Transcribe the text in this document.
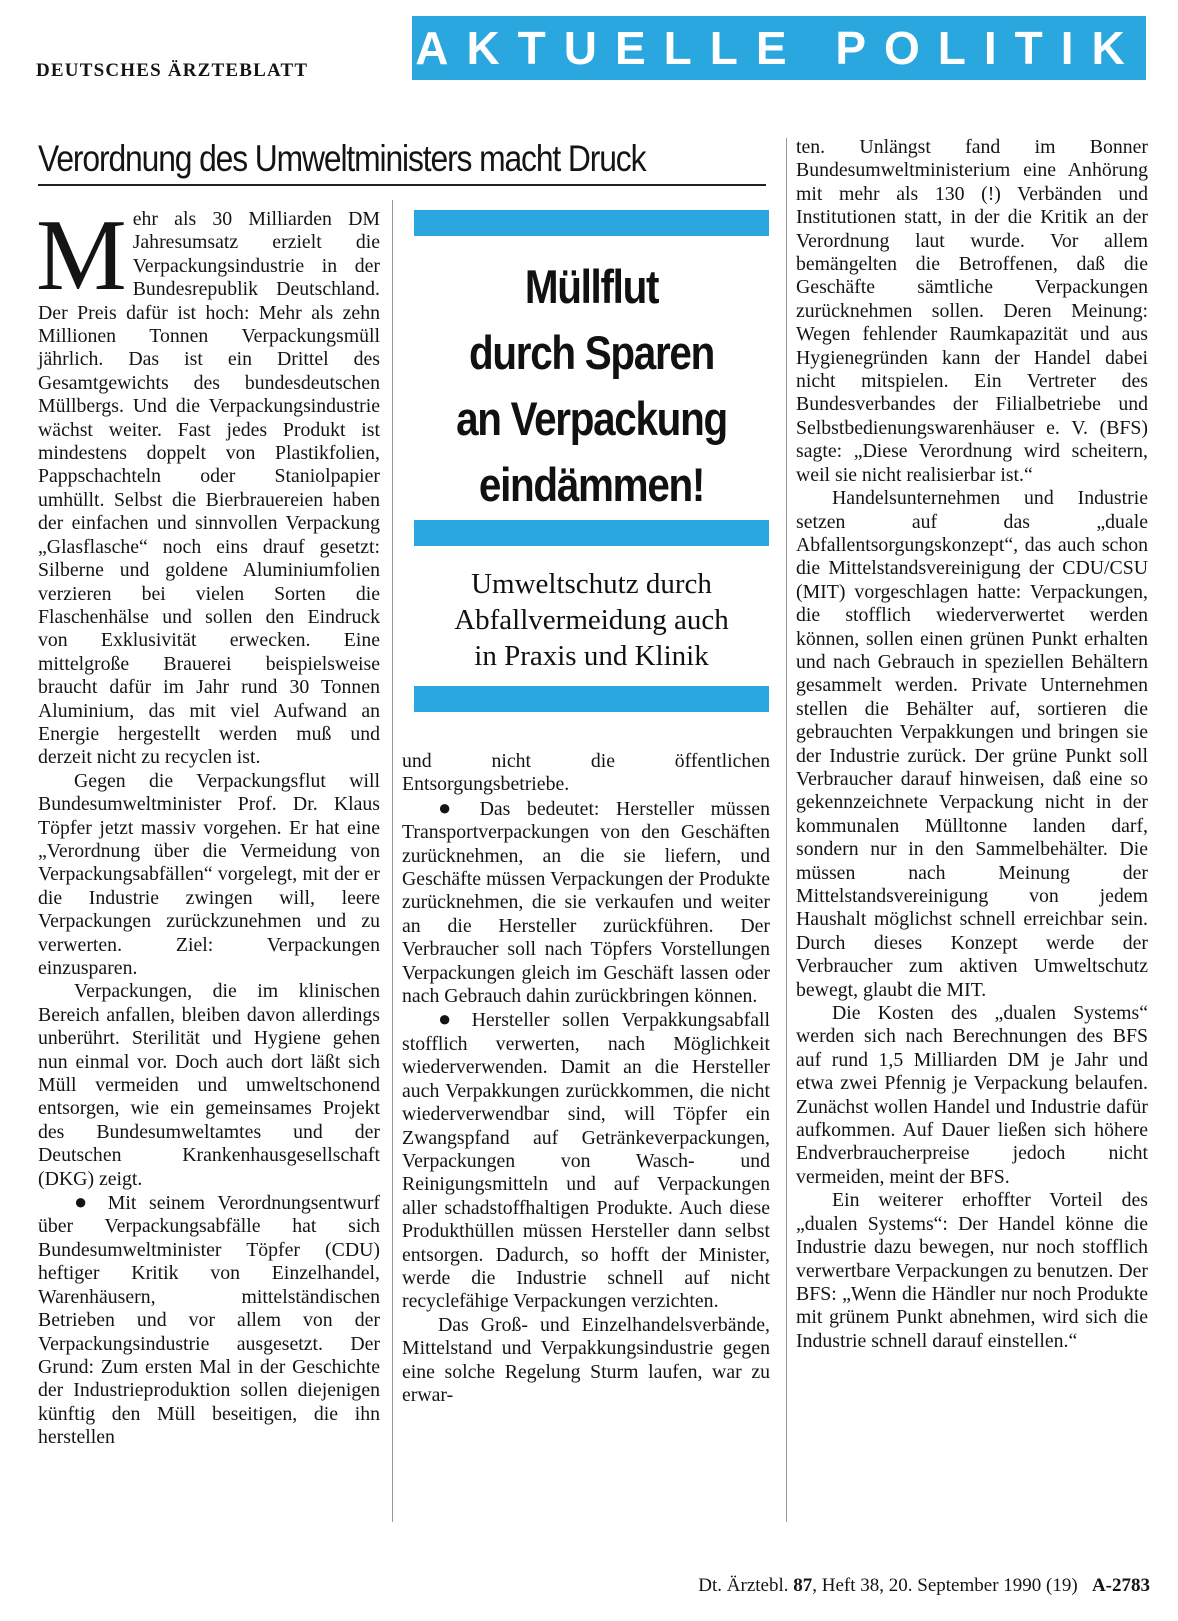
DEUTSCHES ÄRZTEBLATT AKTUELLE POLITIK
Verordnung des Umweltministers macht Druck

Mehr als 30 Milliarden DM Jahresumsatz erzielt die Verpackungsindustrie in der Bundesrepublik Deutschland. Der Preis dafür ist hoch: Mehr als zehn Millionen Tonnen Verpackungsmüll jährlich. Das ist ein Drittel des Gesamtgewichts des bundesdeutschen Müllbergs. Und die Verpackungsindustrie wächst weiter. Fast jedes Produkt ist mindestens doppelt von Plastikfolien, Pappschachteln oder Staniolpapier umhüllt. Selbst die Bierbrauereien haben der einfachen und sinnvollen Verpackung „Glasflasche“ noch eins drauf gesetzt: Silberne und goldene Aluminiumfolien verzieren bei vielen Sorten die Flaschenhälse und sollen den Eindruck von Exklusivität erwecken. Eine mittelgroße Brauerei beispielsweise braucht dafür im Jahr rund 30 Tonnen Aluminium, das mit viel Aufwand an Energie hergestellt werden muß und derzeit nicht zu recyclen ist.

Gegen die Verpackungsflut will Bundesumweltminister Prof. Dr. Klaus Töpfer jetzt massiv vorgehen. Er hat eine „Verordnung über die Vermeidung von Verpackungsabfällen“ vorgelegt, mit der er die Industrie zwingen will, leere Verpackungen zurückzunehmen und zu verwerten. Ziel: Verpackungen einzusparen.

Verpackungen, die im klinischen Bereich anfallen, bleiben davon allerdings unberührt. Sterilität und Hygiene gehen nun einmal vor. Doch auch dort läßt sich Müll vermeiden und umweltschonend entsorgen, wie ein gemeinsames Projekt des Bundesumweltamtes und der Deutschen Krankenhausgesellschaft (DKG) zeigt.

● Mit seinem Verordnungsentwurf über Verpackungsabfälle hat sich Bundesumweltminister Töpfer (CDU) heftiger Kritik von Einzelhandel, Warenhäusern, mittelständischen Betrieben und vor allem von der Verpackungsindustrie ausgesetzt. Der Grund: Zum ersten Mal in der Geschichte der Industrieproduktion sollen diejenigen künftig den Müll beseitigen, die ihn herstellen

Müllflut
durch Sparen
an Verpackung
eindämmen!
Umweltschutz durch
Abfallvermeidung auch
in Praxis und Klinik

und nicht die öffentlichen Entsorgungsbetriebe.

● Das bedeutet: Hersteller müssen Transportverpackungen von den Geschäften zurücknehmen, an die sie liefern, und Geschäfte müssen Verpackungen der Produkte zurücknehmen, die sie verkaufen und weiter an die Hersteller zurückführen. Der Verbraucher soll nach Töpfers Vorstellungen Verpackungen gleich im Geschäft lassen oder nach Gebrauch dahin zurückbringen können.

● Hersteller sollen Verpakkungsabfall stofflich verwerten, nach Möglichkeit wiederverwenden. Damit an die Hersteller auch Verpakkungen zurückkommen, die nicht wiederverwendbar sind, will Töpfer ein Zwangspfand auf Getränkeverpackungen, Verpackungen von Wasch- und Reinigungsmitteln und auf Verpackungen aller schadstoffhaltigen Produkte. Auch diese Produkthüllen müssen Hersteller dann selbst entsorgen. Dadurch, so hofft der Minister, werde die Industrie schnell auf nicht recyclefähige Verpackungen verzichten.

Das Groß- und Einzelhandelsverbände, Mittelstand und Verpakkungsindustrie gegen eine solche Regelung Sturm laufen, war zu erwar-

ten. Unlängst fand im Bonner Bundesumweltministerium eine Anhörung mit mehr als 130 (!) Verbänden und Institutionen statt, in der die Kritik an der Verordnung laut wurde. Vor allem bemängelten die Betroffenen, daß die Geschäfte sämtliche Verpackungen zurücknehmen sollen. Deren Meinung: Wegen fehlender Raumkapazität und aus Hygienegründen kann der Handel dabei nicht mitspielen. Ein Vertreter des Bundesverbandes der Filialbetriebe und Selbstbedienungswarenhäuser e. V. (BFS) sagte: „Diese Verordnung wird scheitern, weil sie nicht realisierbar ist.“

Handelsunternehmen und Industrie setzen auf das „duale Abfallentsorgungskonzept“, das auch schon die Mittelstandsvereinigung der CDU/CSU (MIT) vorgeschlagen hatte: Verpackungen, die stofflich wiederverwertet werden können, sollen einen grünen Punkt erhalten und nach Gebrauch in speziellen Behältern gesammelt werden. Private Unternehmen stellen die Behälter auf, sortieren die gebrauchten Verpakkungen und bringen sie der Industrie zurück. Der grüne Punkt soll Verbraucher darauf hinweisen, daß eine so gekennzeichnete Verpackung nicht in der kommunalen Mülltonne landen darf, sondern nur in den Sammelbehälter. Die müssen nach Meinung der Mittelstandsvereinigung von jedem Haushalt möglichst schnell erreichbar sein. Durch dieses Konzept werde der Verbraucher zum aktiven Umweltschutz bewegt, glaubt die MIT.

Die Kosten des „dualen Systems“ werden sich nach Berechnungen des BFS auf rund 1,5 Milliarden DM je Jahr und etwa zwei Pfennig je Verpackung belaufen. Zunächst wollen Handel und Industrie dafür aufkommen. Auf Dauer ließen sich höhere Endverbraucherpreise jedoch nicht vermeiden, meint der BFS.

Ein weiterer erhoffter Vorteil des „dualen Systems“: Der Handel könne die Industrie dazu bewegen, nur noch stofflich verwertbare Verpackungen zu benutzen. Der BFS: „Wenn die Händler nur noch Produkte mit grünem Punkt abnehmen, wird sich die Industrie schnell darauf einstellen.“

Dt. Ärztebl. 87, Heft 38, 20. September 1990 (19) A-2783
